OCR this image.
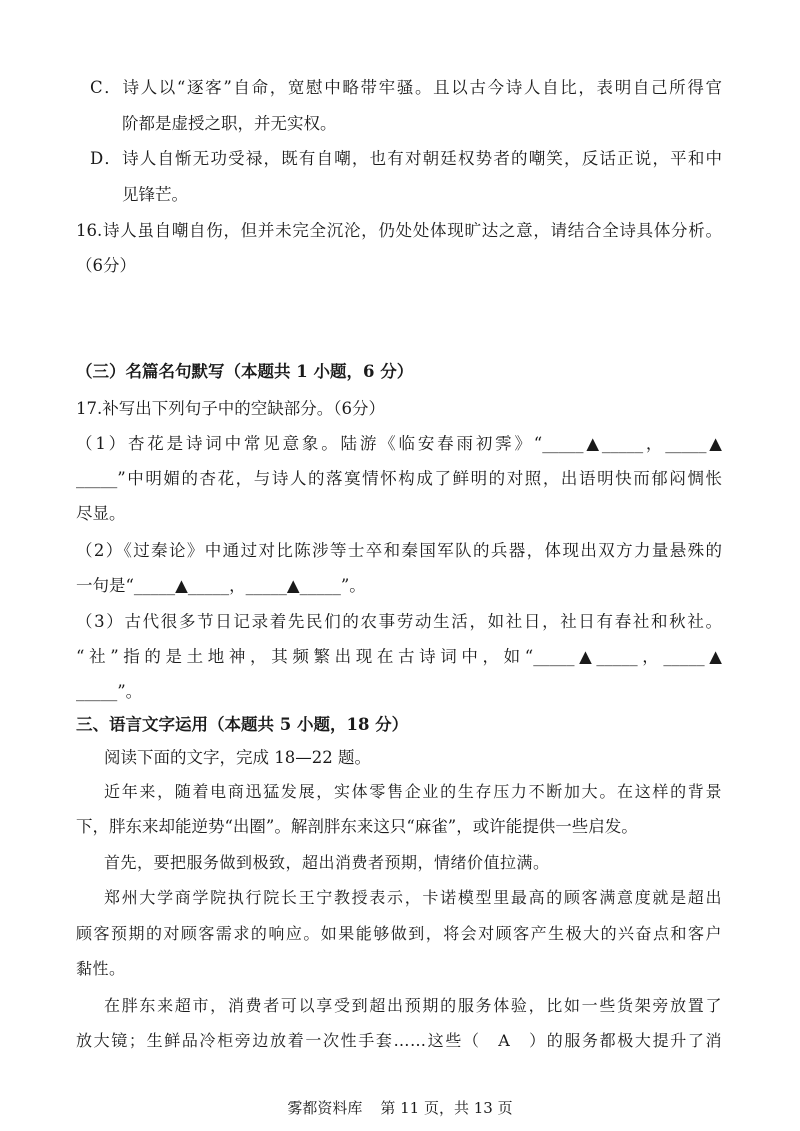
C．诗人以“逐客”自命，宽慰中略带牢骚。且以古今诗人自比，表明自己所得官
阶都是虚授之职，并无实权。
D．诗人自惭无功受禄，既有自嘲，也有对朝廷权势者的嘲笑，反话正说，平和中
见锋芒。
16.诗人虽自嘲自伤，但并未完全沉沦，仍处处体现旷达之意，请结合全诗具体分析。
（6分）
（三）名篇名句默写（本题共 1 小题，6 分）
17.补写出下列句子中的空缺部分。（6分）
（1）杏花是诗词中常见意象。陆游《临安春雨初霁》“_____▲_____，_____▲
_____”中明媚的杏花，与诗人的落寞情怀构成了鲜明的对照，出语明快而郁闷惆怅
尽显。
（2）《过秦论》中通过对比陈涉等士卒和秦国军队的兵器，体现出双方力量悬殊的
一句是“_____▲_____，_____▲_____”。
（3）古代很多节日记录着先民们的农事劳动生活，如社日，社日有春社和秋社。
“社”指的是土地神，其频繁出现在古诗词中，如“_____▲_____，_____▲
_____”。
三、语言文字运用（本题共 5 小题，18 分）
阅读下面的文字，完成 18—22 题。
近年来，随着电商迅猛发展，实体零售企业的生存压力不断加大。在这样的背景
下，胖东来却能逆势“出圈”。解剖胖东来这只“麻雀”，或许能提供一些启发。
首先，要把服务做到极致，超出消费者预期，情绪价值拉满。
郑州大学商学院执行院长王宁教授表示，卡诺模型里最高的顾客满意度就是超出
顾客预期的对顾客需求的响应。如果能够做到，将会对顾客产生极大的兴奋点和客户
黏性。
在胖东来超市，消费者可以享受到超出预期的服务体验，比如一些货架旁放置了
放大镜；生鲜品冷柜旁边放着一次性手套……这些（　A　）的服务都极大提升了消
雾都资料库 第 11 页，共 13 页
